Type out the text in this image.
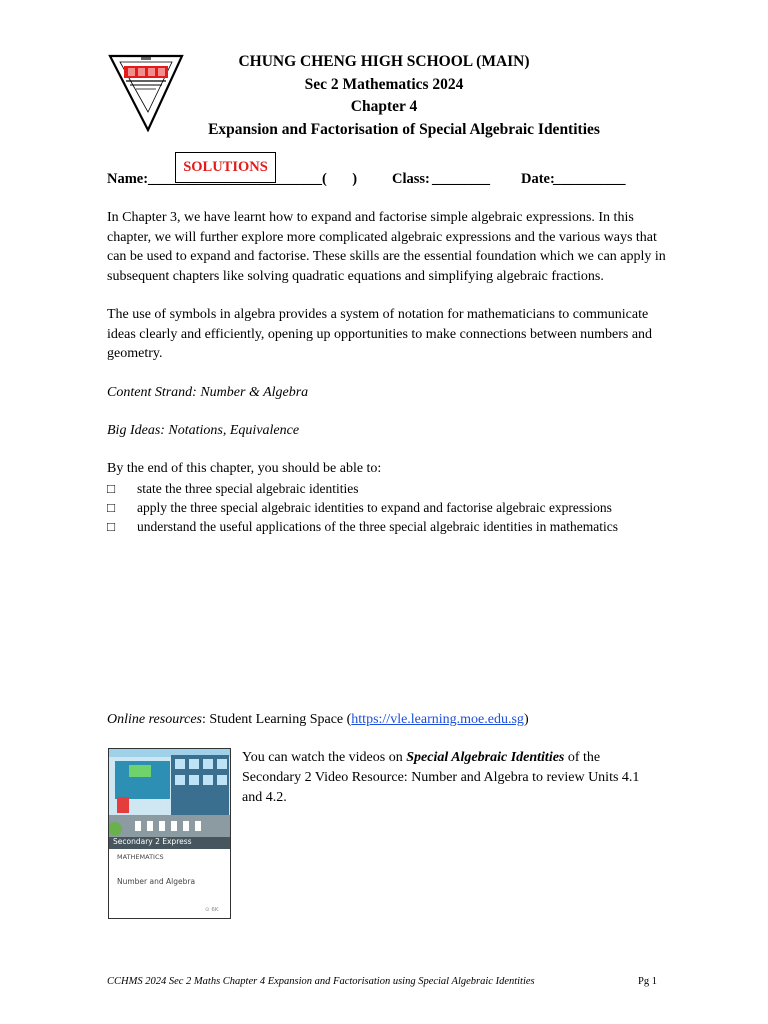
CHUNG CHENG HIGH SCHOOL (MAIN)
Sec 2 Mathematics 2024
Chapter 4
Expansion and Factorisation of Special Algebraic Identities
SOLUTIONS
Name: ________________________ (       ) Class: ________ Date:
__________
In Chapter 3, we have learnt how to expand and factorise simple algebraic expressions. In this chapter, we will further explore more complicated algebraic expressions and the various ways that can be used to expand and factorise. These skills are the essential foundation which we can apply in subsequent chapters like solving quadratic equations and simplifying algebraic fractions.
The use of symbols in algebra provides a system of notation for mathematicians to communicate ideas clearly and efficiently, opening up opportunities to make connections between numbers and geometry.
Content Strand: Number & Algebra
Big Ideas: Notations, Equivalence
By the end of this chapter, you should be able to:
□ state the three special algebraic identities
□ apply the three special algebraic identities to expand and factorise algebraic expressions
□ understand the useful applications of the three special algebraic identities in mathematics
Online resources: Student Learning Space (https://vle.learning.moe.edu.sg)
Secondary 2 Express
MATHEMATICS
Number and Algebra
⊙ 6K
You can watch the videos on Special Algebraic Identities of the Secondary 2 Video Resource: Number and Algebra to review Units 4.1 and 4.2.
CCHMS 2024 Sec 2 Maths Chapter 4 Expansion and Factorisation using Special Algebraic Identities	Pg 1
